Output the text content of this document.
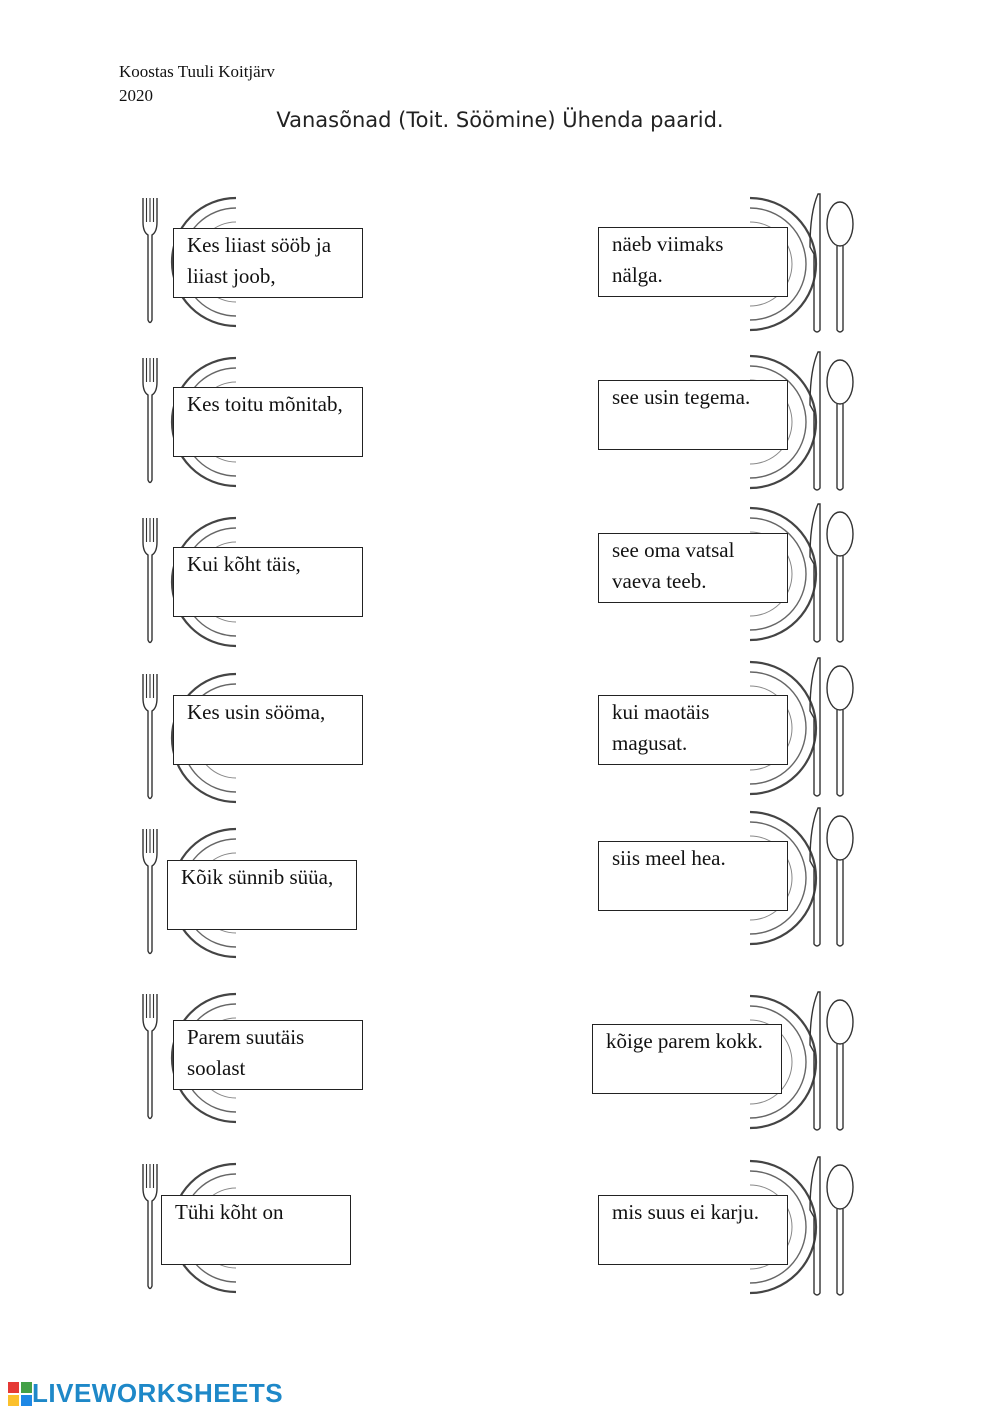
Koostas Tuuli Koitjärv
2020
Vanasõnad (Toit. Söömine) Ühenda paarid.
Kes liiast sööb ja liiast joob,
Kes toitu mõnitab,
Kui kõht täis,
Kes usin sööma,
Kõik sünnib süüa,
Parem suutäis soolast
Tühi kõht on
näeb viimaks nälga.
see usin tegema.
see oma vatsal vaeva teeb.
kui maotäis magusat.
siis meel hea.
kõige parem kokk.
mis suus ei karju.
LIVEWORKSHEETS
